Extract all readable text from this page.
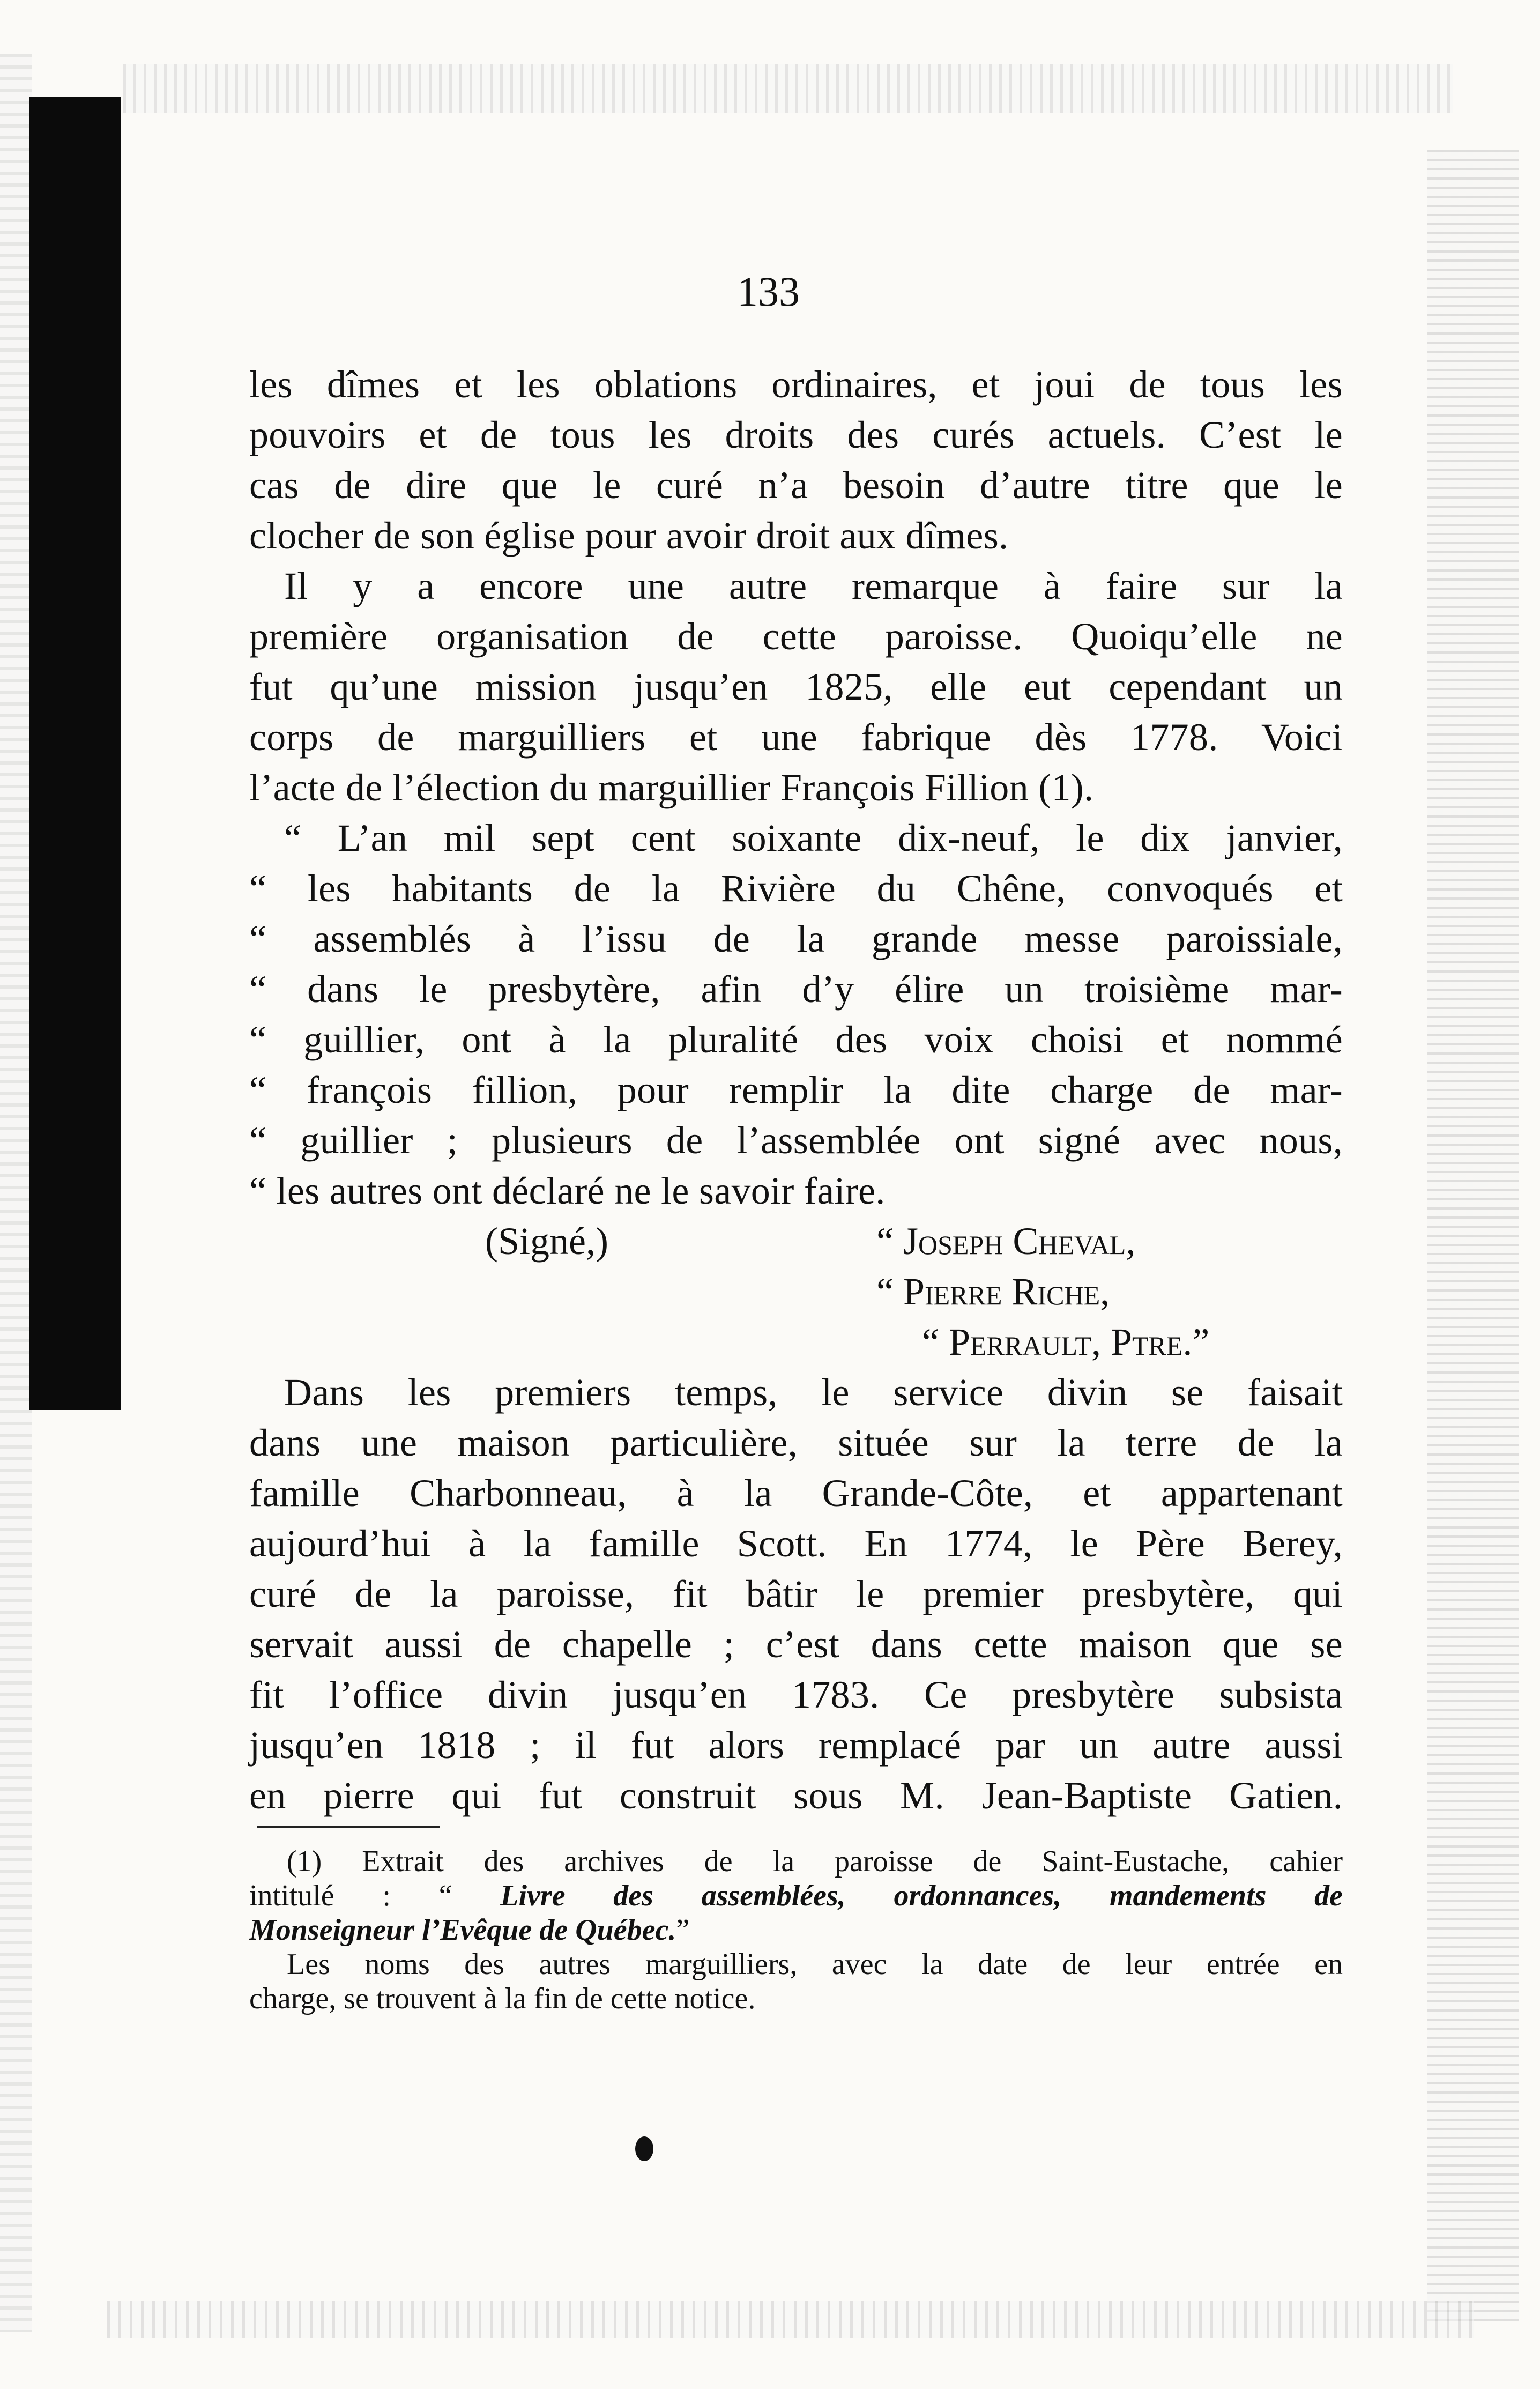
133

les dîmes et les oblations ordinaires, et joui de tous les
pouvoirs et de tous les droits des curés actuels. C’est le
cas de dire que le curé n’a besoin d’autre titre que le
clocher de son église pour avoir droit aux dîmes.
Il y a encore une autre remarque à faire sur la
première organisation de cette paroisse. Quoiqu’elle ne
fut qu’une mission jusqu’en 1825, elle eut cependant un
corps de marguilliers et une fabrique dès 1778. Voici
l’acte de l’élection du marguillier François Fillion (1).
“ L’an mil sept cent soixante dix-neuf, le dix janvier,
“ les habitants de la Rivière du Chêne, convoqués et
“ assemblés à l’issu de la grande messe paroissiale,
“ dans le presbytère, afin d’y élire un troisième mar-
“ guillier, ont à la pluralité des voix choisi et nommé
“ françois fillion, pour remplir la dite charge de mar-
“ guillier ; plusieurs de l’assemblée ont signé avec nous,
“ les autres ont déclaré ne le savoir faire.
(Signé,)	“ Joseph Cheval,
“ Pierre Riche,
“ Perrault, Ptre.”
Dans les premiers temps, le service divin se faisait
dans une maison particulière, située sur la terre de la
famille Charbonneau, à la Grande-Côte, et appartenant
aujourd’hui à la famille Scott. En 1774, le Père Berey,
curé de la paroisse, fit bâtir le premier presbytère, qui
servait aussi de chapelle ; c’est dans cette maison que se
fit l’office divin jusqu’en 1783. Ce presbytère subsista
jusqu’en 1818 ; il fut alors remplacé par un autre aussi
en pierre qui fut construit sous M. Jean-Baptiste Gatien.
(1) Extrait des archives de la paroisse de Saint-Eustache, cahier
intitulé : “ Livre des assemblées, ordonnances, mandements de
Monseigneur l’Evêque de Québec.”
Les noms des autres marguilliers, avec la date de leur entrée en
charge, se trouvent à la fin de cette notice.
